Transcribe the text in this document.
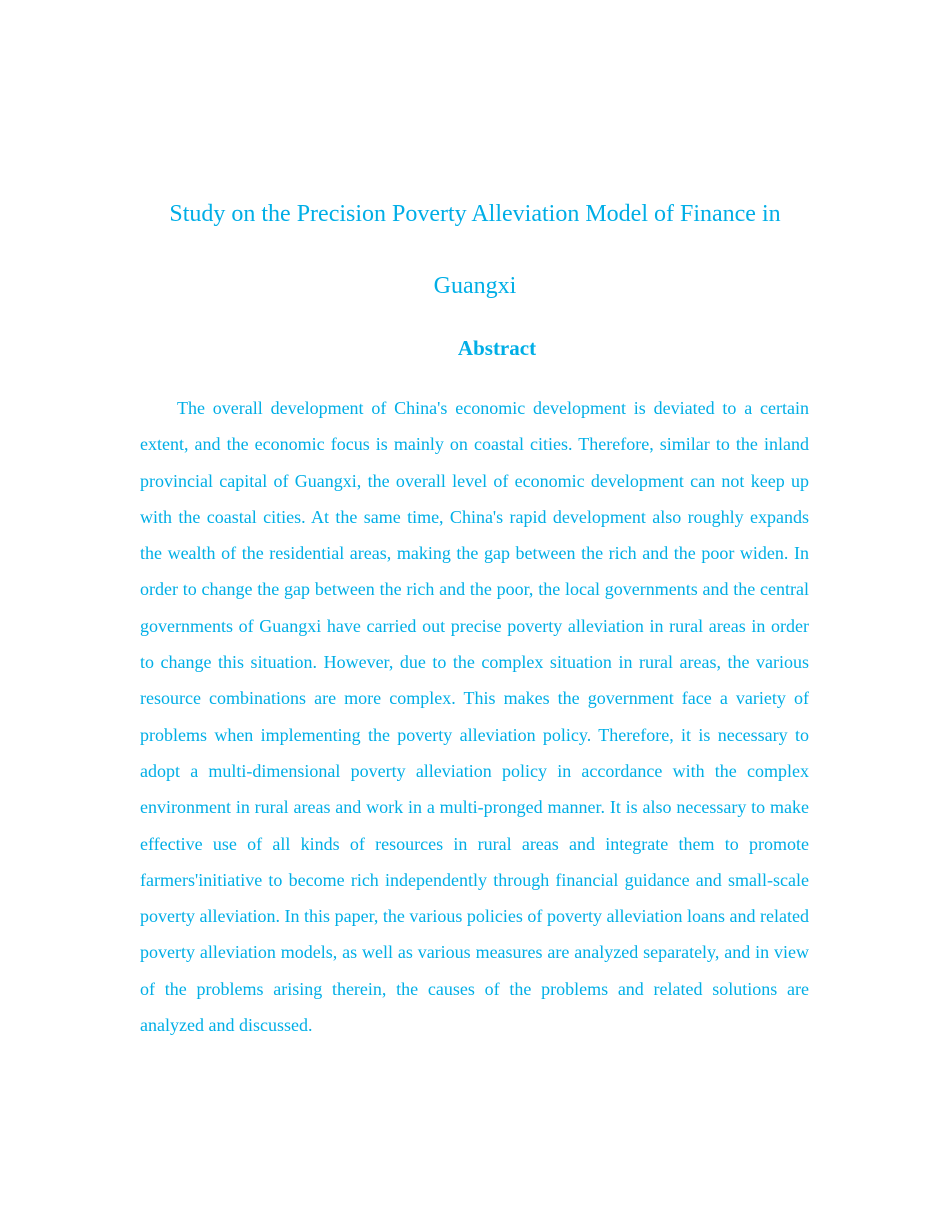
Study on the Precision Poverty Alleviation Model of Finance in Guangxi
Abstract

The overall development of China's economic development is deviated to a certain extent, and the economic focus is mainly on coastal cities. Therefore, similar to the inland provincial capital of Guangxi, the overall level of economic development can not keep up with the coastal cities. At the same time, China's rapid development also roughly expands the wealth of the residential areas, making the gap between the rich and the poor widen. In order to change the gap between the rich and the poor, the local governments and the central governments of Guangxi have carried out precise poverty alleviation in rural areas in order to change this situation. However, due to the complex situation in rural areas, the various resource combinations are more complex. This makes the government face a variety of problems when implementing the poverty alleviation policy. Therefore, it is necessary to adopt a multi-dimensional poverty alleviation policy in accordance with the complex environment in rural areas and work in a multi-pronged manner. It is also necessary to make effective use of all kinds of resources in rural areas and integrate them to promote farmers'initiative to become rich independently through financial guidance and small-scale poverty alleviation. In this paper, the various policies of poverty alleviation loans and related poverty alleviation models, as well as various measures are analyzed separately, and in view of the problems arising therein, the causes of the problems and related solutions are analyzed and discussed.
